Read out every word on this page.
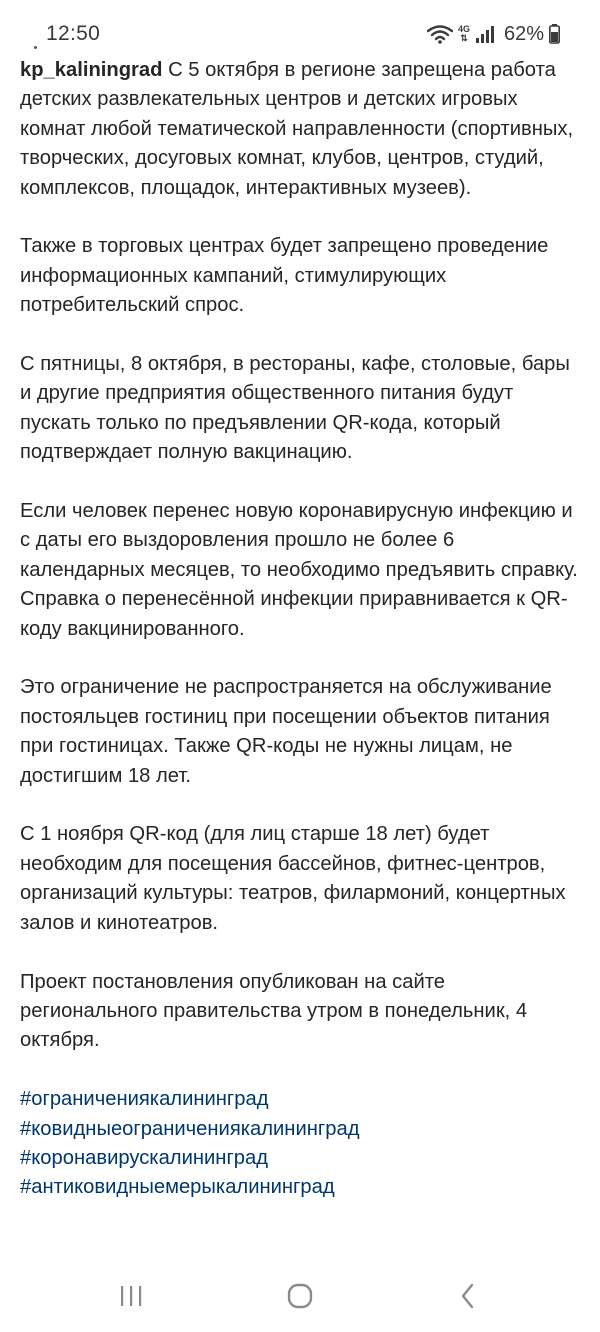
12:50	4G
⇅ 62%

kp_kaliningrad С 5 октября в регионе запрещена работа детских развлекательных центров и детских игровых комнат любой тематической направленности (спортивных, творческих, досуговых комнат, клубов, центров, студий, комплексов, площадок, интерактивных музеев).

Также в торговых центрах будет запрещено проведение информационных кампаний, стимулирующих потребительский спрос.

С пятницы, 8 октября, в рестораны, кафе, столовые, бары и другие предприятия общественного питания будут пускать только по предъявлении QR-кода, который подтверждает полную вакцинацию.

Если человек перенес новую коронавирусную инфекцию и с даты его выздоровления прошло не более 6 календарных месяцев, то необходимо предъявить справку. Справка о перенесённой инфекции приравнивается к QR-коду вакцинированного.

Это ограничение не распространяется на обслуживание постояльцев гостиниц при посещении объектов питания при гостиницах. Также QR-коды не нужны лицам, не достигшим 18 лет.

С 1 ноября QR-код (для лиц старше 18 лет) будет необходим для посещения бассейнов, фитнес-центров, организаций культуры: театров, филармоний, концертных залов и кинотеатров.

Проект постановления опубликован на сайте регионального правительства утром в понедельник, 4 октября.

#ограничениякалининград
#ковидныеограничениякалининград
#коронавирускалининград
#антиковидныемерыкалининград
